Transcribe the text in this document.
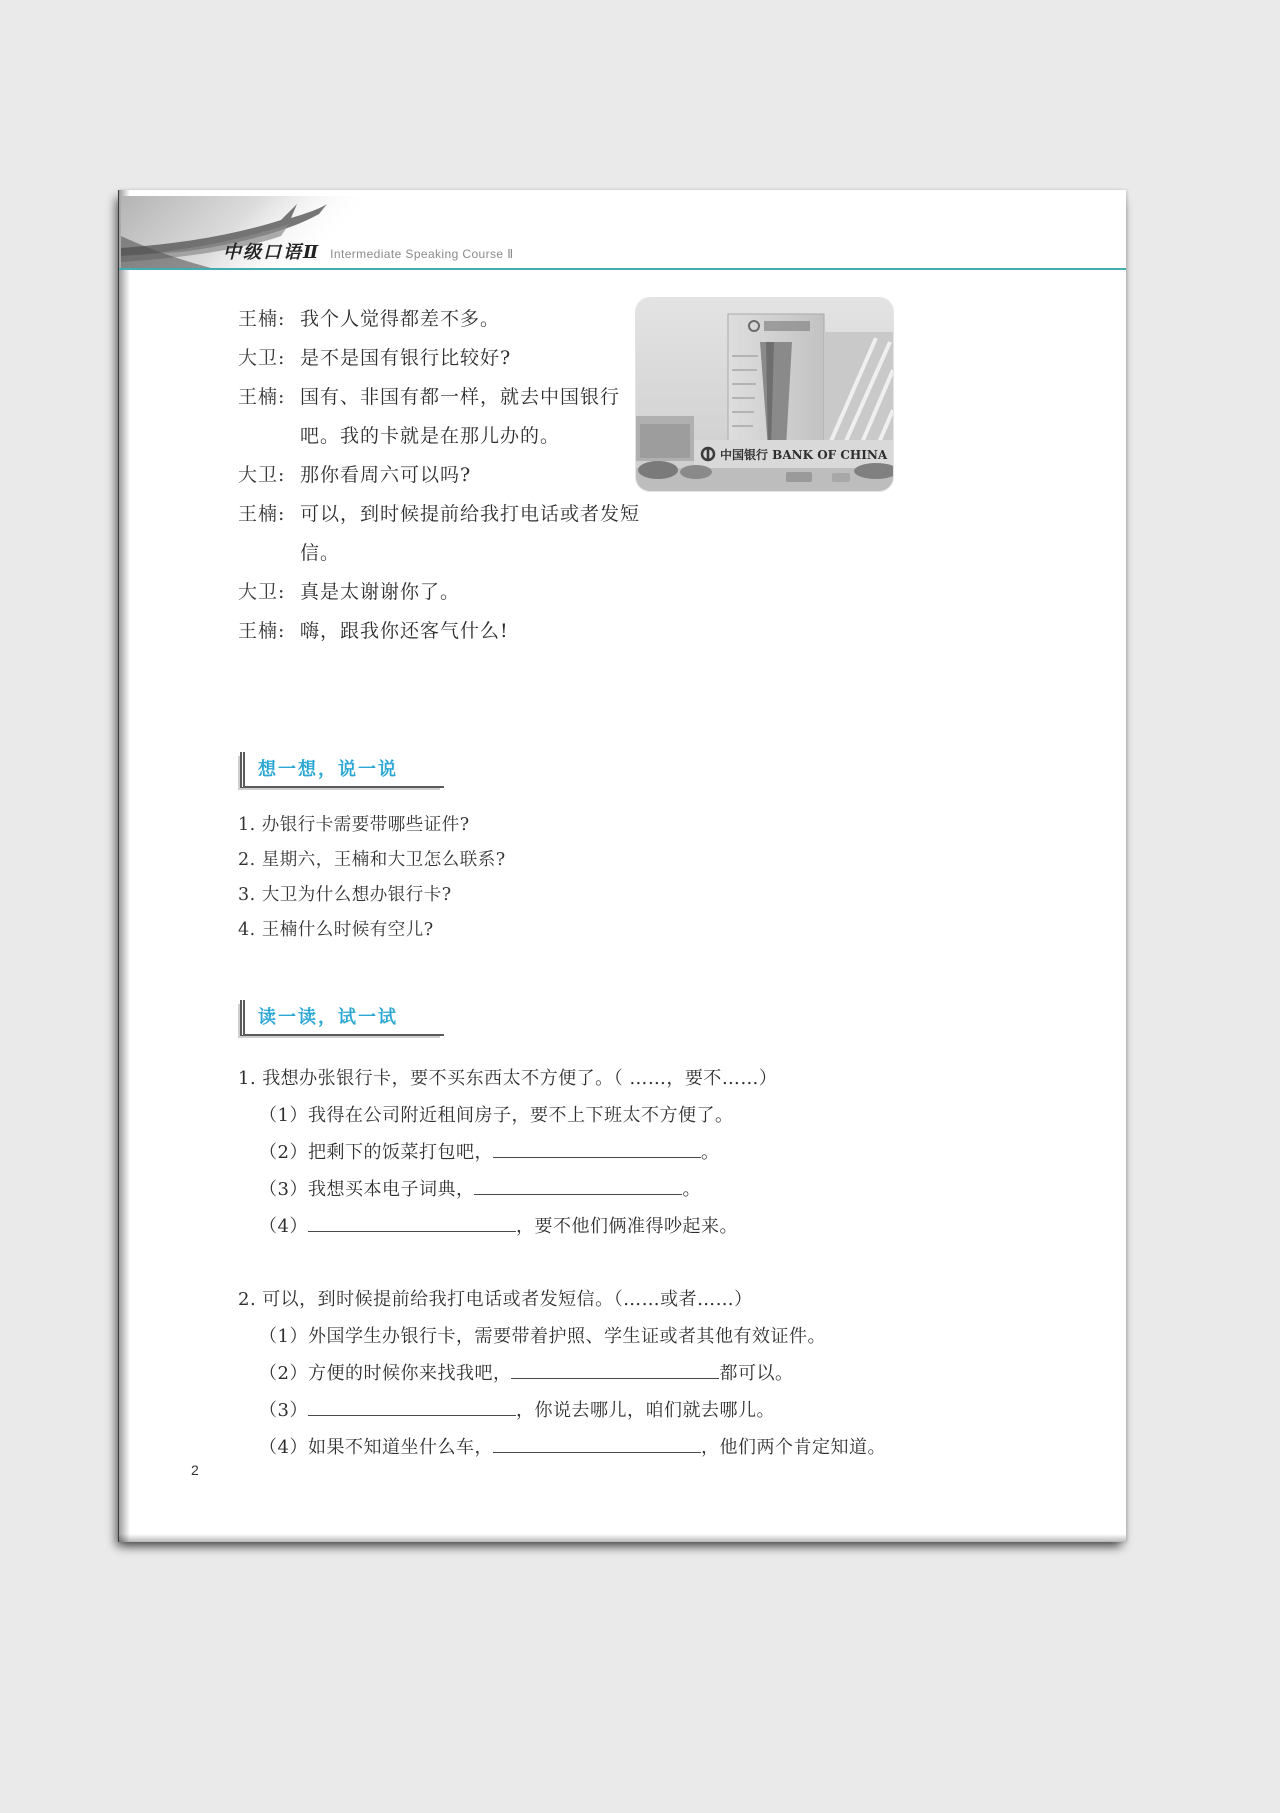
中级口语Ⅱ Intermediate Speaking Course Ⅱ
王楠: 我个人觉得都差不多。
大卫: 是不是国有银行比较好?
王楠: 国有、非国有都一样，就去中国银行吧。我的卡就是在那儿办的。
大卫: 那你看周六可以吗?
王楠: 可以，到时候提前给我打电话或者发短信。
大卫: 真是太谢谢你了。
王楠: 嗨，跟我你还客气什么!
中国银行 BANK OF CHINA
想一想，说一说
1. 办银行卡需要带哪些证件?
2. 星期六，王楠和大卫怎么联系?
3. 大卫为什么想办银行卡?
4. 王楠什么时候有空儿?
读一读，试一试
1. 我想办张银行卡，要不买东西太不方便了。（ ……，要不……）
（1）我得在公司附近租间房子，要不上下班太不方便了。
（2）把剩下的饭菜打包吧，	。
（3）我想买本电子词典，	。
（4）	，要不他们俩准得吵起来。
2. 可以，到时候提前给我打电话或者发短信。（……或者……）
（1）外国学生办银行卡，需要带着护照、学生证或者其他有效证件。
（2）方便的时候你来找我吧，	都可以。
（3）	，你说去哪儿，咱们就去哪儿。
（4）如果不知道坐什么车，	，他们两个肯定知道。
2
